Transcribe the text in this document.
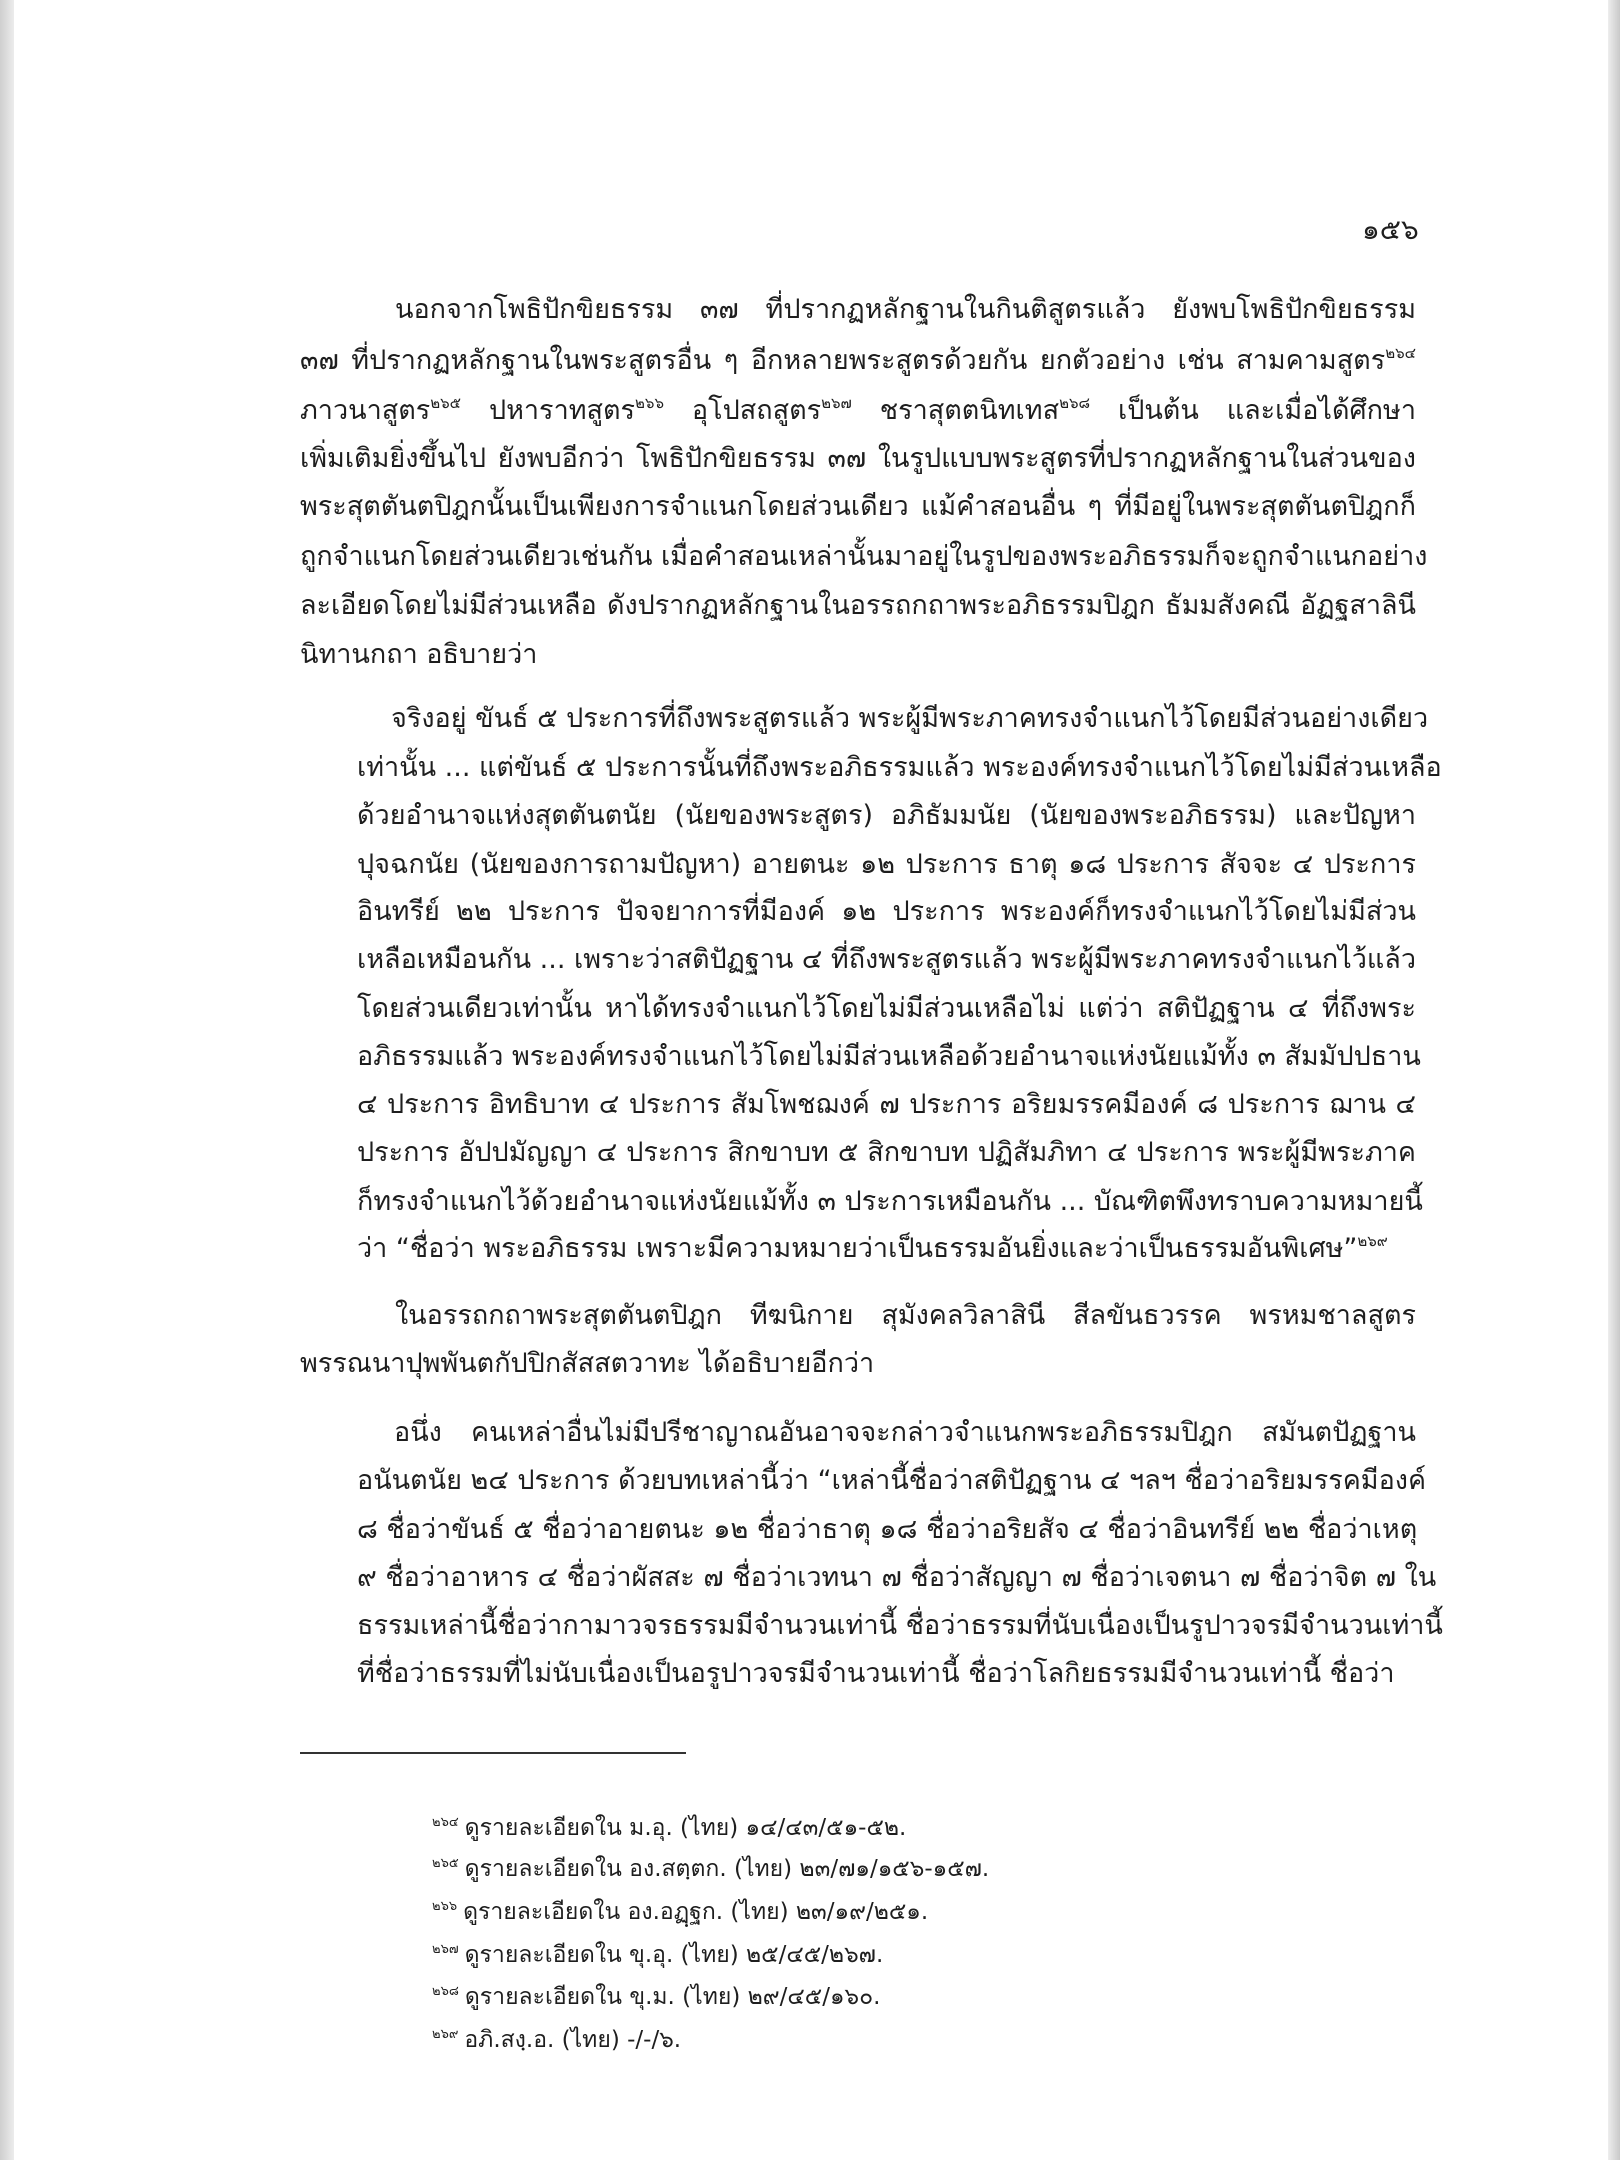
๑๕๖
นอกจากโพธิปักขิยธรรม ๓๗ ที่ปรากฏหลักฐานในกินติสูตรแล้ว ยังพบโพธิปักขิยธรรม
๓๗ ที่ปรากฏหลักฐานในพระสูตรอื่น ๆ อีกหลายพระสูตรด้วยกัน ยกตัวอย่าง เช่น สามคามสูตร$^{๒๖๔}$
ภาวนาสูตร$^{๒๖๕}$ ปหาราทสูตร$^{๒๖๖}$ อุโปสถสูตร$^{๒๖๗}$ ชราสุตตนิทเทส$^{๒๖๘}$ เป็นต้น และเมื่อได้ศึกษา
เพิ่มเติมยิ่งขึ้นไป ยังพบอีกว่า โพธิปักขิยธรรม ๓๗ ในรูปแบบพระสูตรที่ปรากฏหลักฐานในส่วนของ
พระสุตตันตปิฎกนั้นเป็นเพียงการจำแนกโดยส่วนเดียว แม้คำสอนอื่น ๆ ที่มีอยู่ในพระสุตตันตปิฎกก็
ถูกจำแนกโดยส่วนเดียวเช่นกัน เมื่อคำสอนเหล่านั้นมาอยู่ในรูปของพระอภิธรรมก็จะถูกจำแนกอย่าง
ละเอียดโดยไม่มีส่วนเหลือ ดังปรากฏหลักฐานในอรรถกถาพระอภิธรรมปิฎก ธัมมสังคณี อัฏฐสาลินี
นิทานกถา อธิบายว่า
จริงอยู่ ขันธ์ ๕ ประการที่ถึงพระสูตรแล้ว พระผู้มีพระภาคทรงจำแนกไว้โดยมีส่วนอย่างเดียว
เท่านั้น ... แต่ขันธ์ ๕ ประการนั้นที่ถึงพระอภิธรรมแล้ว พระองค์ทรงจำแนกไว้โดยไม่มีส่วนเหลือ
ด้วยอำนาจแห่งสุตตันตนัย (นัยของพระสูตร) อภิธัมมนัย (นัยของพระอภิธรรม) และปัญหา
ปุจฉกนัย (นัยของการถามปัญหา) อายตนะ ๑๒ ประการ ธาตุ ๑๘ ประการ สัจจะ ๔ ประการ
อินทรีย์ ๒๒ ประการ ปัจจยาการที่มีองค์ ๑๒ ประการ พระองค์ก็ทรงจำแนกไว้โดยไม่มีส่วน
เหลือเหมือนกัน ... เพราะว่าสติปัฏฐาน ๔ ที่ถึงพระสูตรแล้ว พระผู้มีพระภาคทรงจำแนกไว้แล้ว
โดยส่วนเดียวเท่านั้น หาได้ทรงจำแนกไว้โดยไม่มีส่วนเหลือไม่ แต่ว่า สติปัฏฐาน ๔ ที่ถึงพระ
อภิธรรมแล้ว พระองค์ทรงจำแนกไว้โดยไม่มีส่วนเหลือด้วยอำนาจแห่งนัยแม้ทั้ง ๓ สัมมัปปธาน
๔ ประการ อิทธิบาท ๔ ประการ สัมโพชฌงค์ ๗ ประการ อริยมรรคมีองค์ ๘ ประการ ฌาน ๔
ประการ อัปปมัญญา ๔ ประการ สิกขาบท ๕ สิกขาบท ปฏิสัมภิทา ๔ ประการ พระผู้มีพระภาค
ก็ทรงจำแนกไว้ด้วยอำนาจแห่งนัยแม้ทั้ง ๓ ประการเหมือนกัน ... บัณฑิตพึงทราบความหมายนี้
ว่า “ชื่อว่า พระอภิธรรม เพราะมีความหมายว่าเป็นธรรมอันยิ่งและว่าเป็นธรรมอันพิเศษ”$^{๒๖๙}$
ในอรรถกถาพระสุตตันตปิฎก ทีฆนิกาย สุมังคลวิลาสินี สีลขันธวรรค พรหมชาลสูตร
พรรณนาปุพพันตกัปปิกสัสสตวาทะ ได้อธิบายอีกว่า
อนึ่ง คนเหล่าอื่นไม่มีปรีชาญาณอันอาจจะกล่าวจำแนกพระอภิธรรมปิฎก สมันตปัฏฐาน
อนันตนัย ๒๔ ประการ ด้วยบทเหล่านี้ว่า “เหล่านี้ชื่อว่าสติปัฏฐาน ๔ ฯลฯ ชื่อว่าอริยมรรคมีองค์
๘ ชื่อว่าขันธ์ ๕ ชื่อว่าอายตนะ ๑๒ ชื่อว่าธาตุ ๑๘ ชื่อว่าอริยสัจ ๔ ชื่อว่าอินทรีย์ ๒๒ ชื่อว่าเหตุ
๙ ชื่อว่าอาหาร ๔ ชื่อว่าผัสสะ ๗ ชื่อว่าเวทนา ๗ ชื่อว่าสัญญา ๗ ชื่อว่าเจตนา ๗ ชื่อว่าจิต ๗ ใน
ธรรมเหล่านี้ชื่อว่ากามาวจรธรรมมีจำนวนเท่านี้ ชื่อว่าธรรมที่นับเนื่องเป็นรูปาวจรมีจำนวนเท่านี้
ที่ชื่อว่าธรรมที่ไม่นับเนื่องเป็นอรูปาวจรมีจำนวนเท่านี้ ชื่อว่าโลกิยธรรมมีจำนวนเท่านี้ ชื่อว่า
$^{๒๖๔}$ ดูรายละเอียดใน ม.อุ. (ไทย) ๑๔/๔๓/๕๑-๕๒.
$^{๒๖๕}$ ดูรายละเอียดใน อง.สตฺตก. (ไทย) ๒๓/๗๑/๑๕๖-๑๕๗.
$^{๒๖๖}$ ดูรายละเอียดใน อง.อฏฺฐก. (ไทย) ๒๓/๑๙/๒๕๑.
$^{๒๖๗}$ ดูรายละเอียดใน ขุ.อุ. (ไทย) ๒๕/๔๕/๒๖๗.
$^{๒๖๘}$ ดูรายละเอียดใน ขุ.ม. (ไทย) ๒๙/๔๕/๑๖๐.
$^{๒๖๙}$ อภิ.สงฺ.อ. (ไทย) -/-/๖.
